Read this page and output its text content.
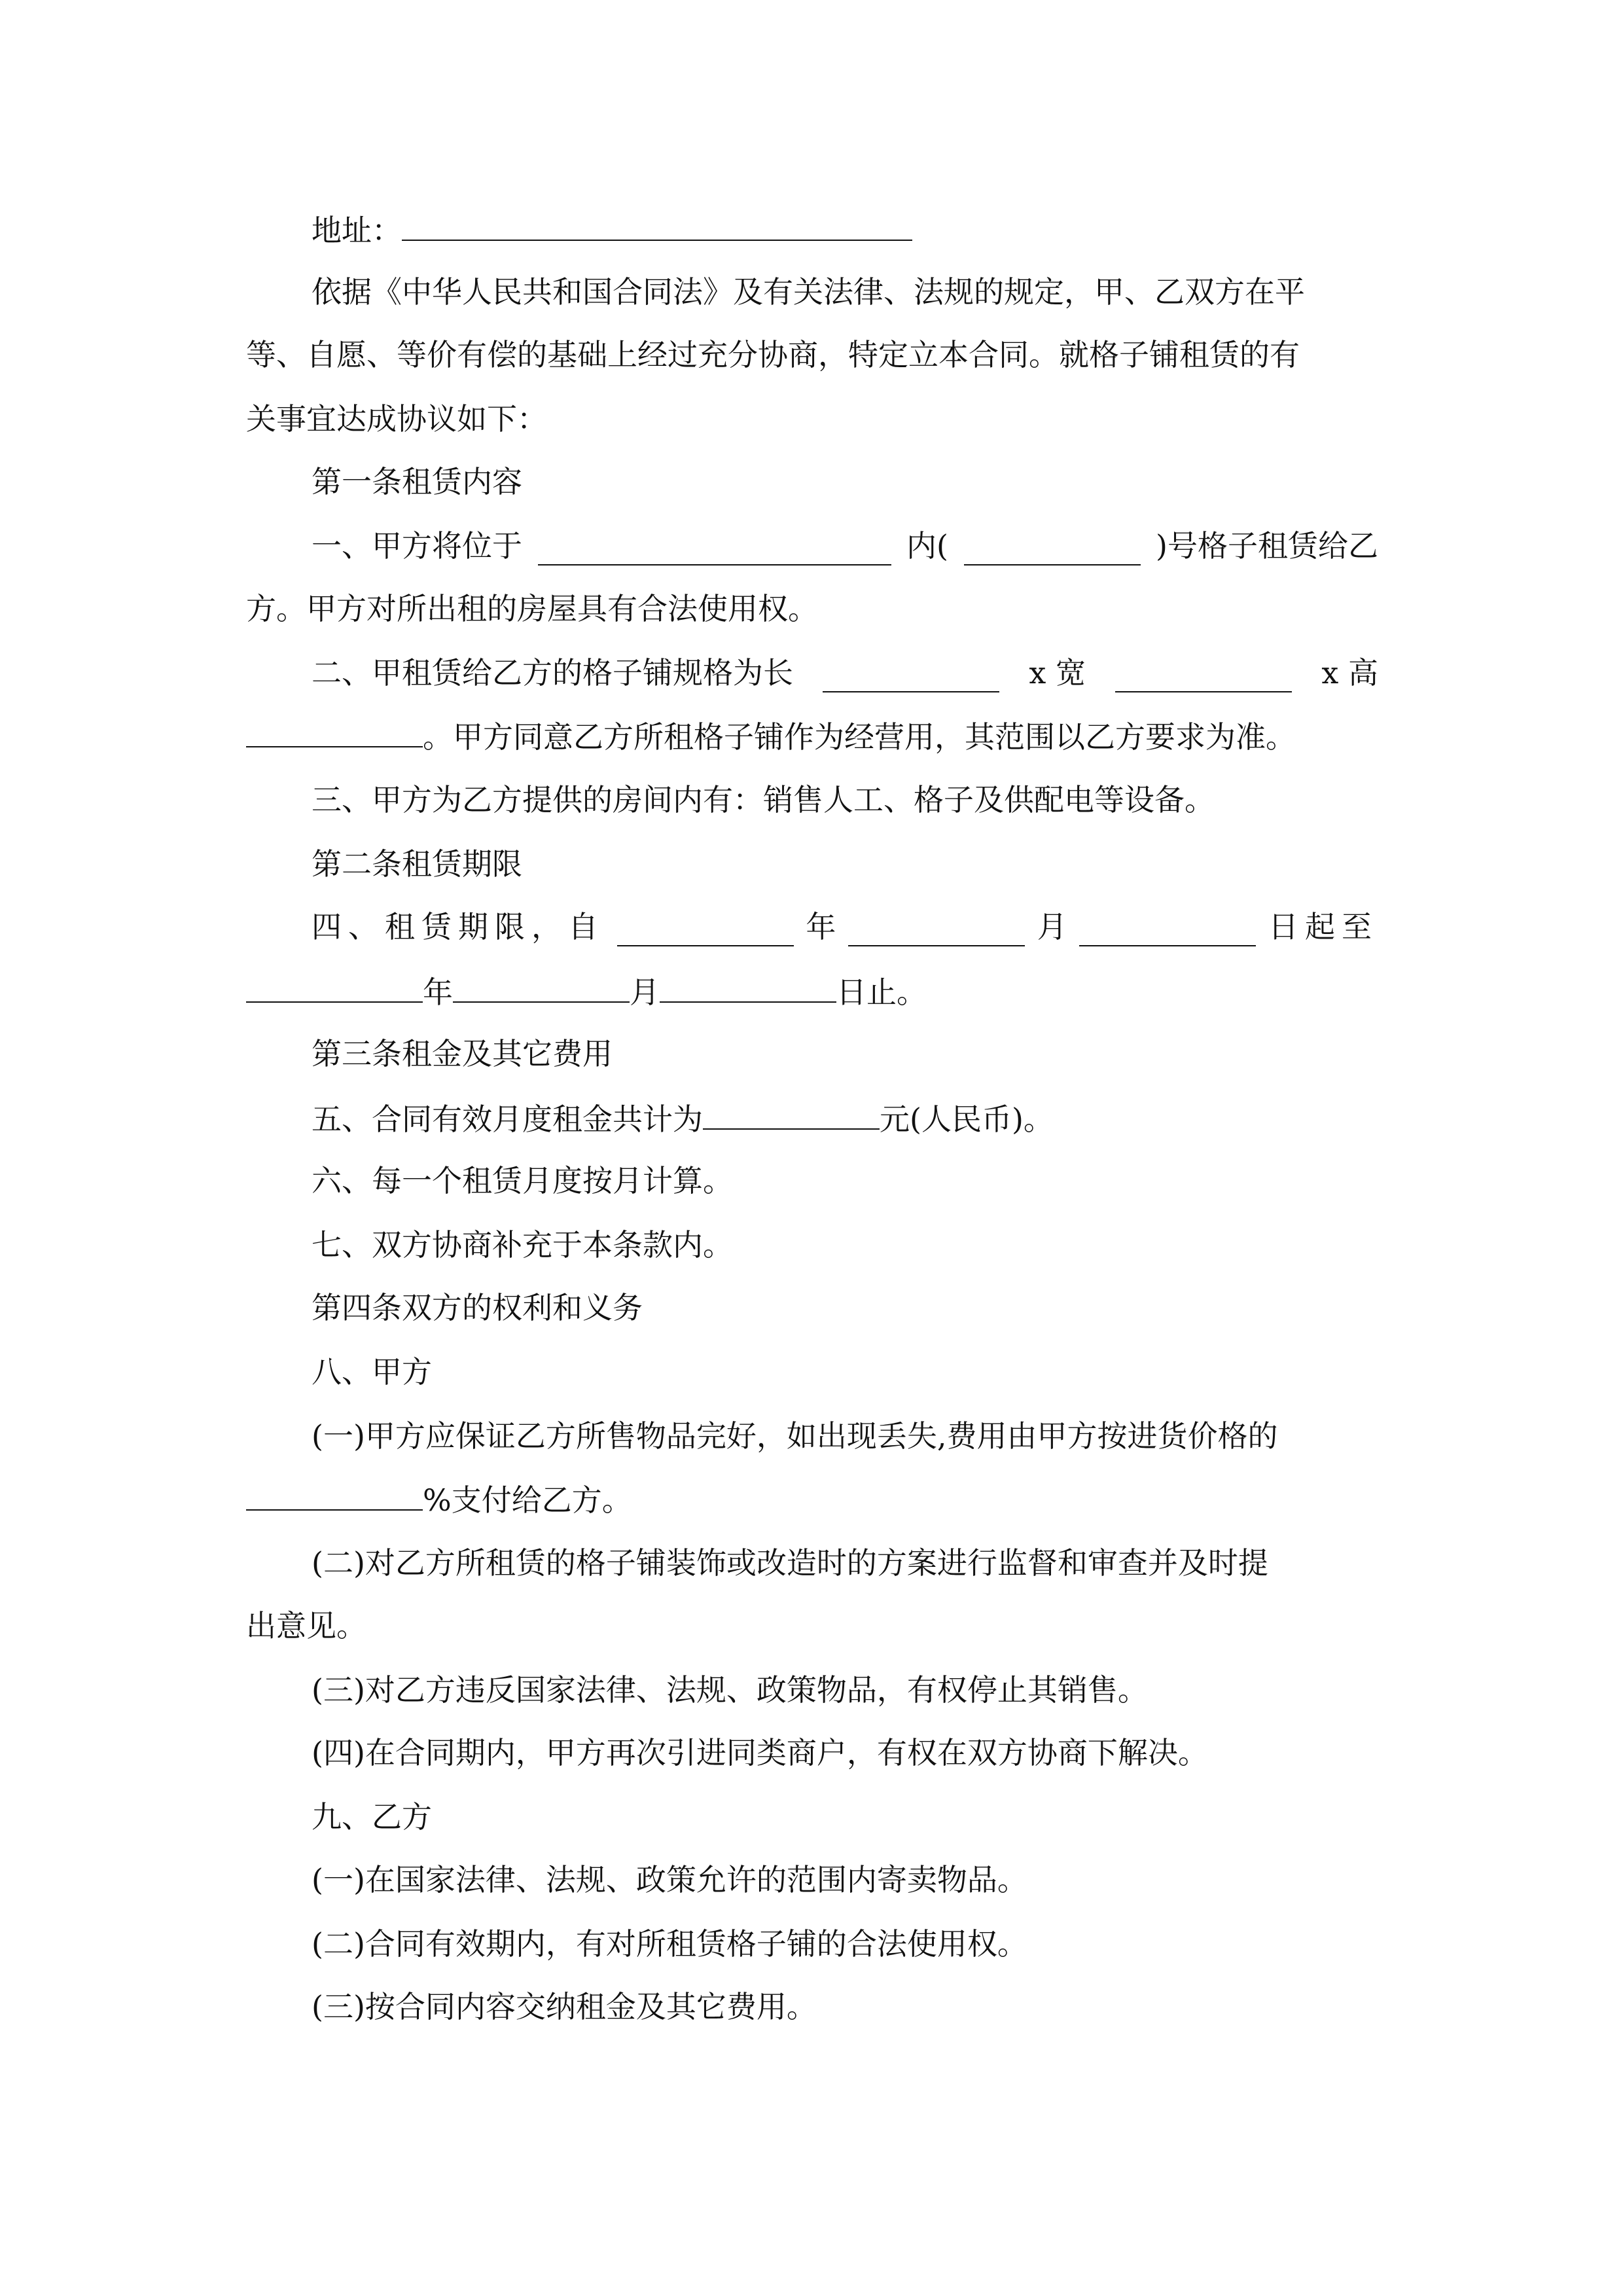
地址：
依据《中华人民共和国合同法》及有关法律、法规的规定，甲、乙双方在平
等、自愿、等价有偿的基础上经过充分协商，特定立本合同。就格子铺租赁的有
关事宜达成协议如下：
第一条租赁内容
一、甲方将位于	内(	)号格子租赁给乙
方。甲方对所出租的房屋具有合法使用权。
二、甲租赁给乙方的格子铺规格为长	x 宽	x 高
。甲方同意乙方所租格子铺作为经营用，其范围以乙方要求为准。
三、甲方为乙方提供的房间内有：销售人工、格子及供配电等设备。
第二条租赁期限
四、租赁期限，自	年	月	日起至
年	月	日止。
第三条租金及其它费用
五、合同有效月度租金共计为	元(人民币)。
六、每一个租赁月度按月计算。
七、双方协商补充于本条款内。
第四条双方的权利和义务
八、甲方
(一)甲方应保证乙方所售物品完好，如出现丢失,费用由甲方按进货价格的
%支付给乙方。
(二)对乙方所租赁的格子铺装饰或改造时的方案进行监督和审查并及时提
出意见。
(三)对乙方违反国家法律、法规、政策物品，有权停止其销售。
(四)在合同期内，甲方再次引进同类商户，有权在双方协商下解决。
九、乙方
(一)在国家法律、法规、政策允许的范围内寄卖物品。
(二)合同有效期内，有对所租赁格子铺的合法使用权。
(三)按合同内容交纳租金及其它费用。
